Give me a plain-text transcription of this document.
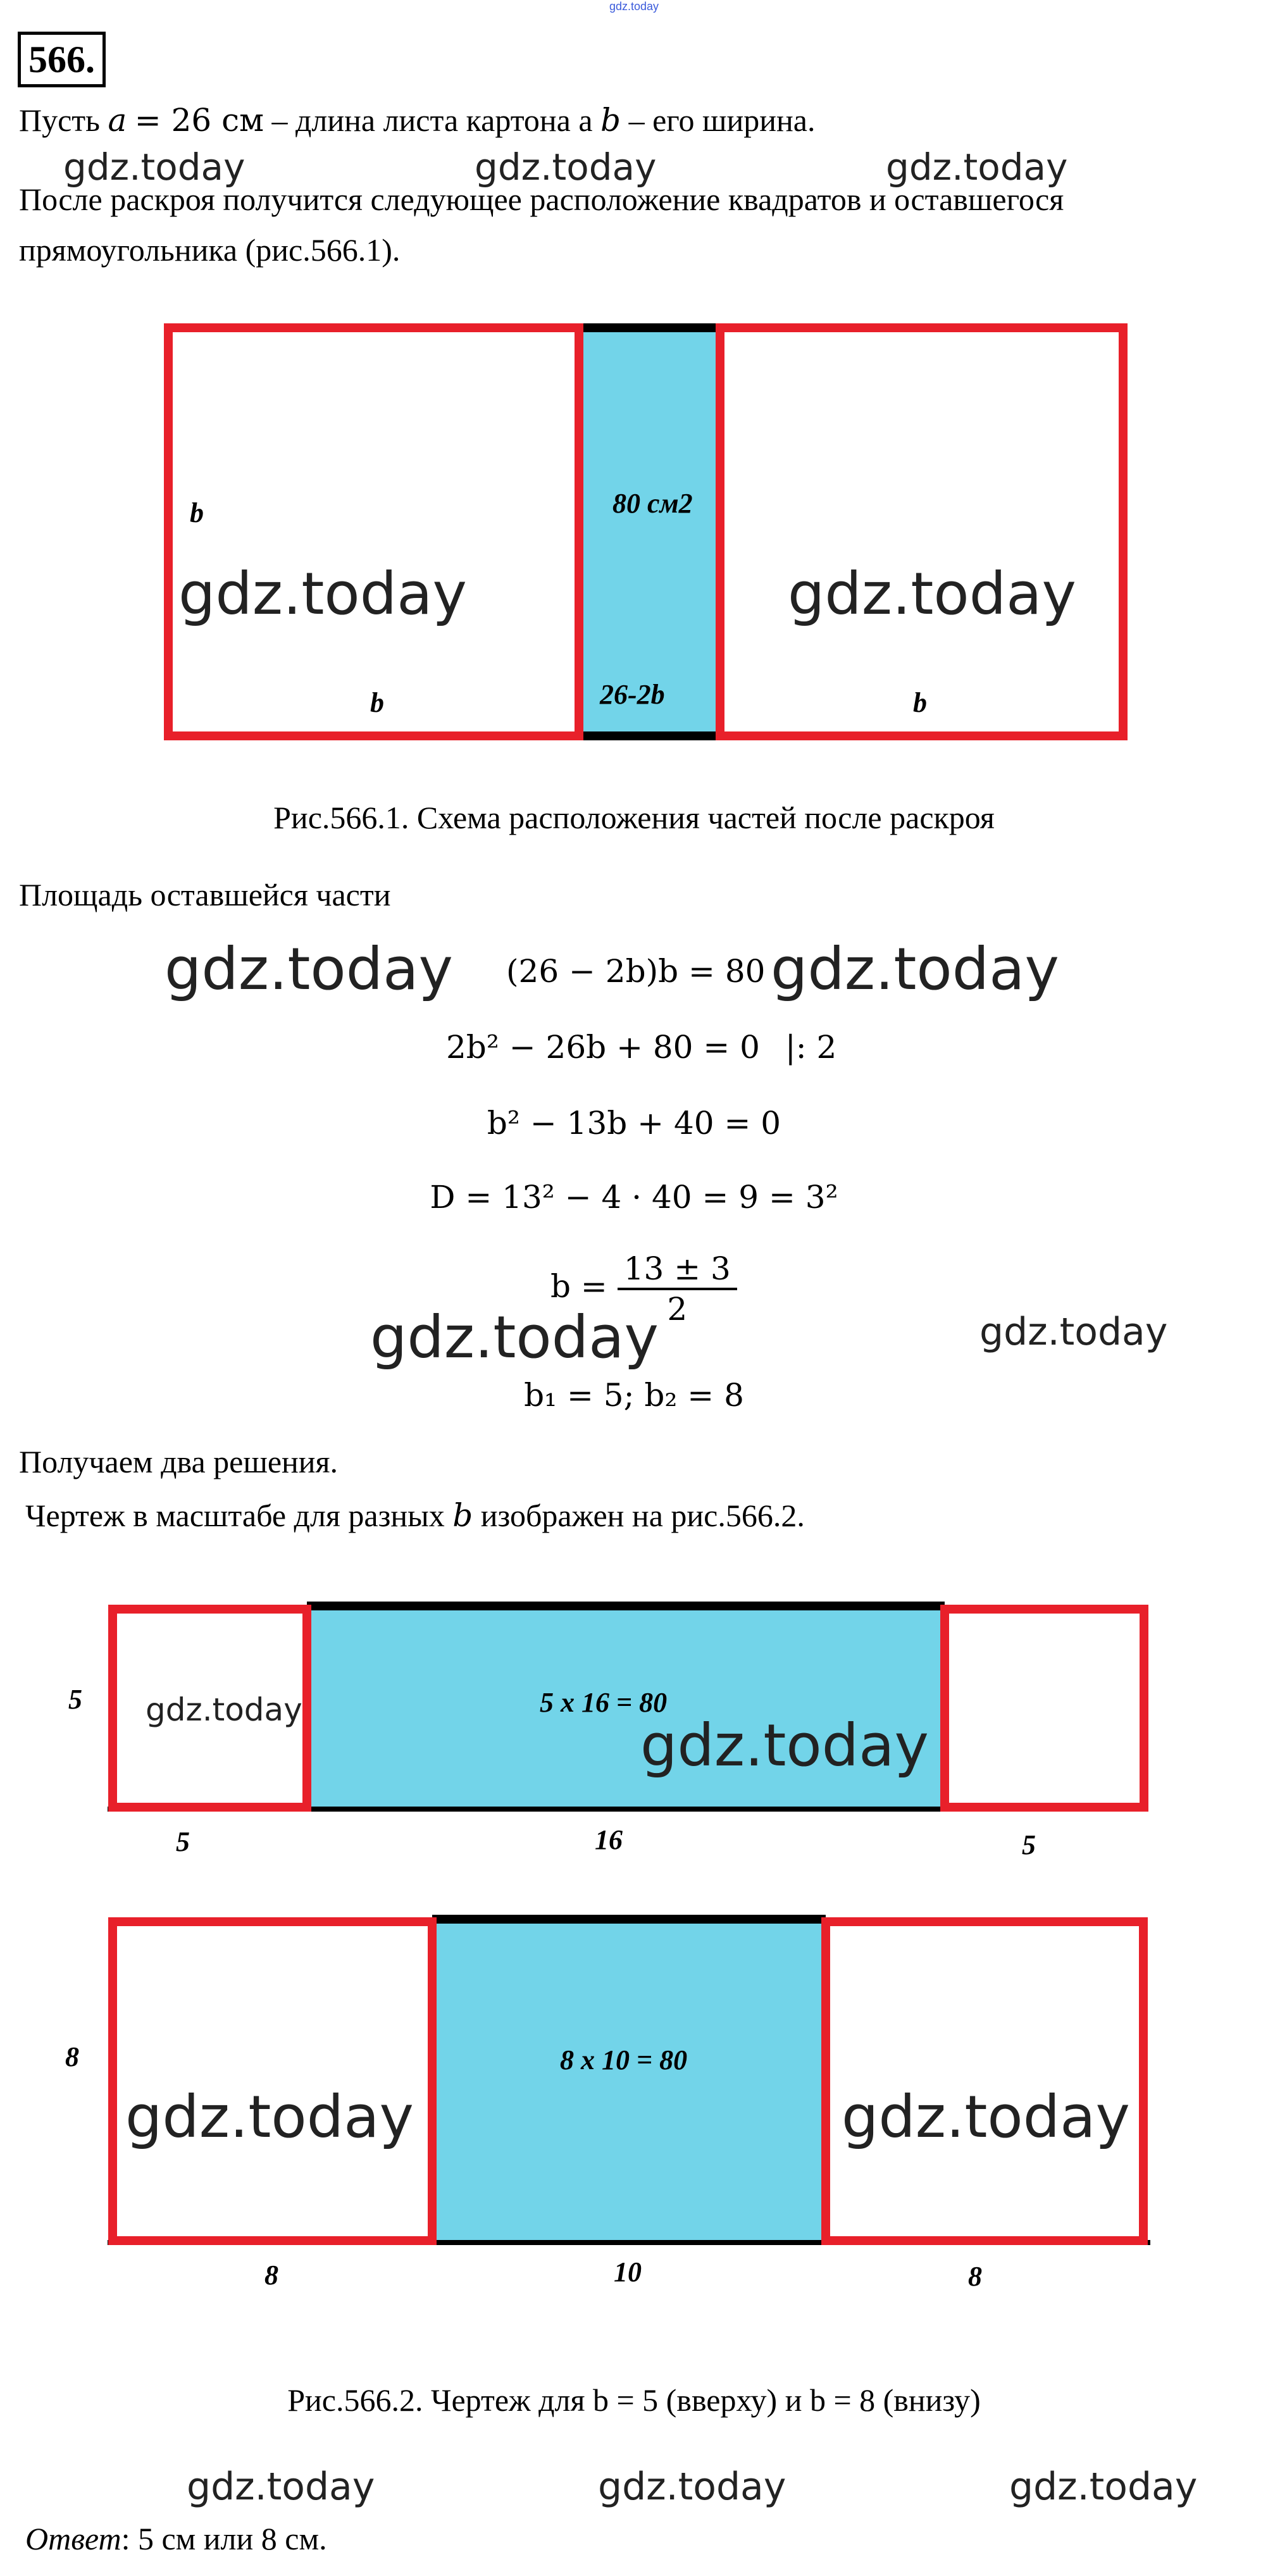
gdz.today
566.
Пусть a = 26 см – длина листа картона а b – его ширина.
gdz.today	gdz.today	gdz.today
После раскроя получится следующее расположение квадратов и оставшегося
прямоугольника (рис.566.1).
b
b	b
80 см2
26-2b
gdz.today	gdz.today
Рис.566.1. Схема расположения частей после раскроя
Площадь оставшейся части
gdz.today (26 − 2b)b = 80 gdz.today
2b² − 26b + 80 = 0 |: 2
b² − 13b + 40 = 0
D = 13² − 4 · 40 = 9 = 3²
$b = \frac{13 \pm 3}{2}$
gdz.today	gdz.today
b₁ = 5; b₂ = 8
Получаем два решения.
Чертеж в масштабе для разных b изображен на рис.566.2.
5	5 x 16 = 80
5	16	5
gdz.today
gdz.today
8	8 x 10 = 80
8	10	8
gdz.today	gdz.today
Рис.566.2. Чертеж для b = 5 (вверху) и b = 8 (внизу)
gdz.today	gdz.today	gdz.today
Ответ: 5 см или 8 см.
